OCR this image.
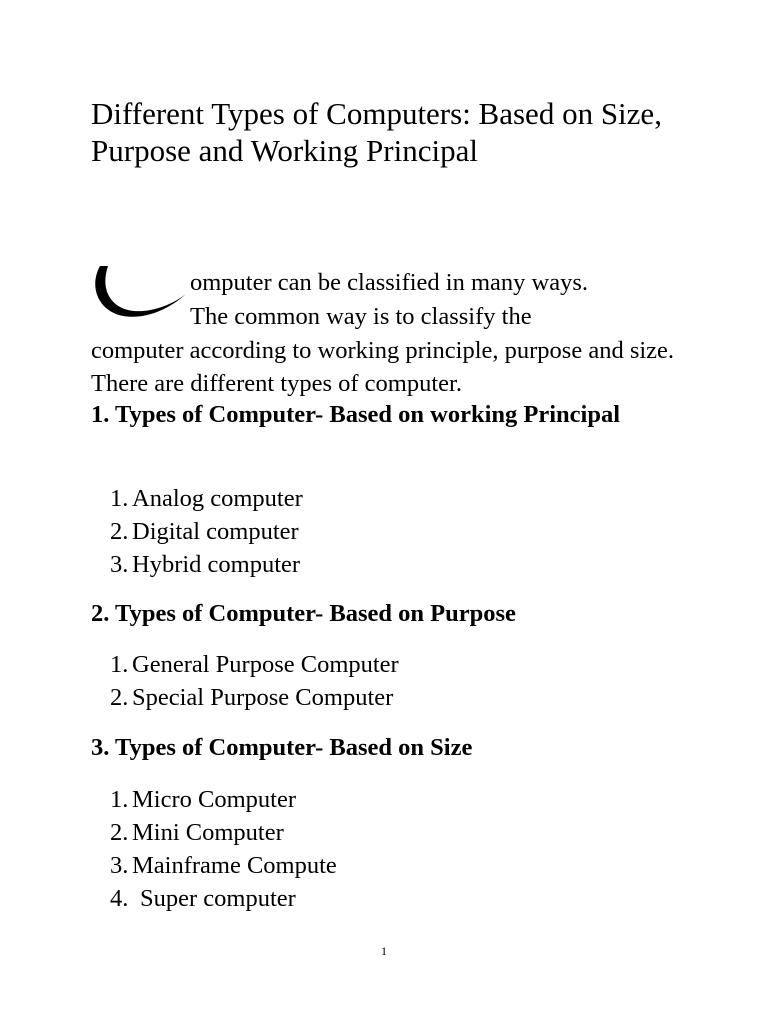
Different Types of Computers: Based on Size, Purpose and Working Principal

omputer can be classified in many ways.

The common way is to classify the

computer according to working principle, purpose and size. There are different types of computer.

1. Types of Computer- Based on working Principal
1. Analog computer
2. Digital computer
3. Hybrid computer
2. Types of Computer- Based on Purpose
1. General Purpose Computer
2. Special Purpose Computer
3. Types of Computer- Based on Size
1. Micro Computer
2. Mini Computer
3. Mainframe Compute
4. Super computer
1
